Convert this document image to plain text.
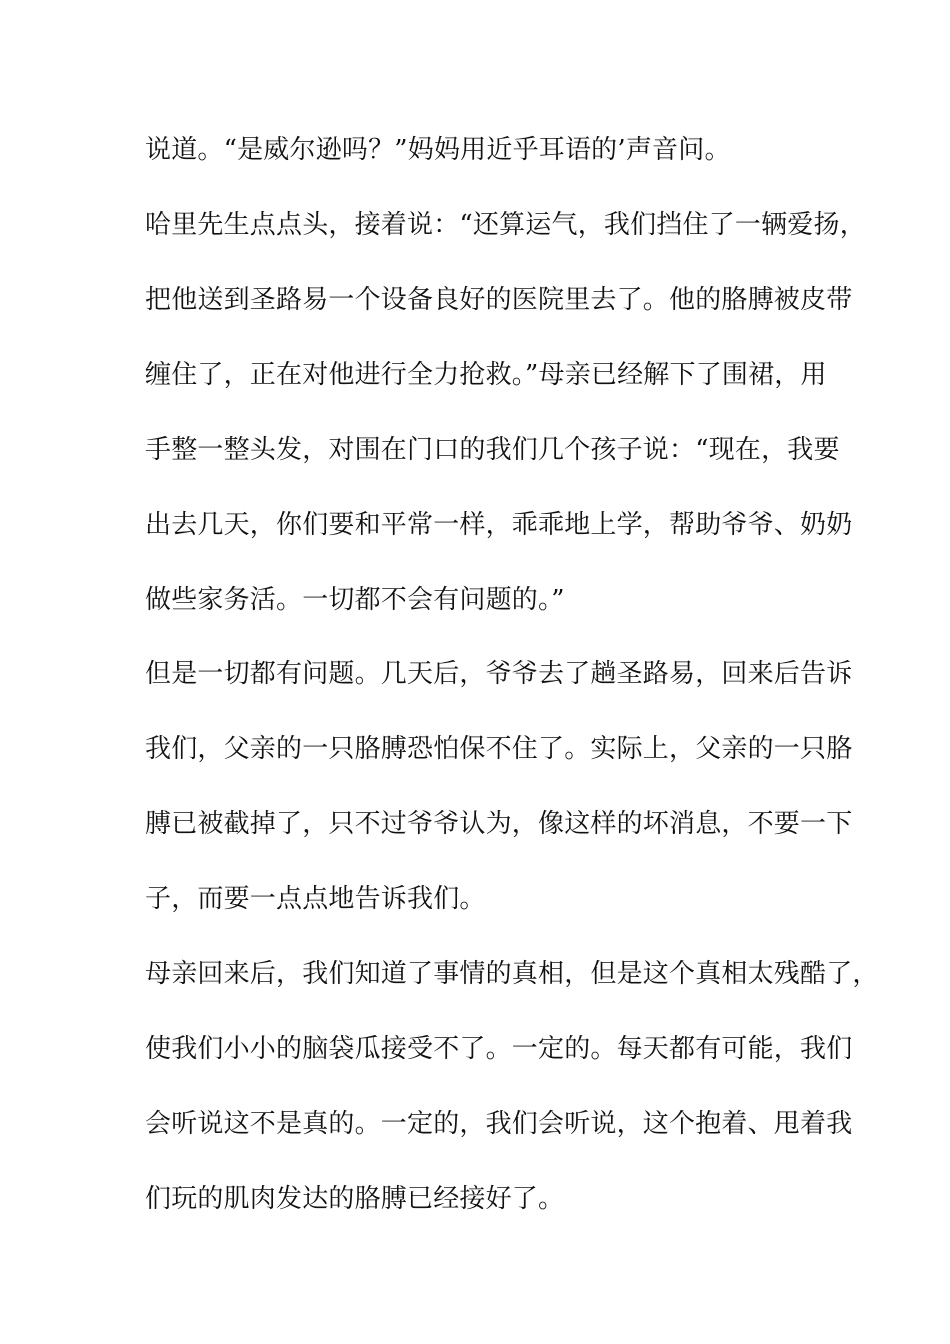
说道。“是威尔逊吗？”妈妈用近乎耳语的’声音问。

哈里先生点点头，接着说：“还算运气，我们挡住了一辆爱扬，

把他送到圣路易一个设备良好的医院里去了。他的胳膊被皮带

缠住了，正在对他进行全力抢救。”母亲已经解下了围裙，用

手整一整头发，对围在门口的我们几个孩子说：“现在，我要

出去几天，你们要和平常一样，乖乖地上学，帮助爷爷、奶奶

做些家务活。一切都不会有问题的。”

但是一切都有问题。几天后，爷爷去了趟圣路易，回来后告诉

我们，父亲的一只胳膊恐怕保不住了。实际上，父亲的一只胳

膊已被截掉了，只不过爷爷认为，像这样的坏消息，不要一下

子，而要一点点地告诉我们。

母亲回来后，我们知道了事情的真相，但是这个真相太残酷了，

使我们小小的脑袋瓜接受不了。一定的。每天都有可能，我们

会听说这不是真的。一定的，我们会听说，这个抱着、甩着我

们玩的肌肉发达的胳膊已经接好了。
